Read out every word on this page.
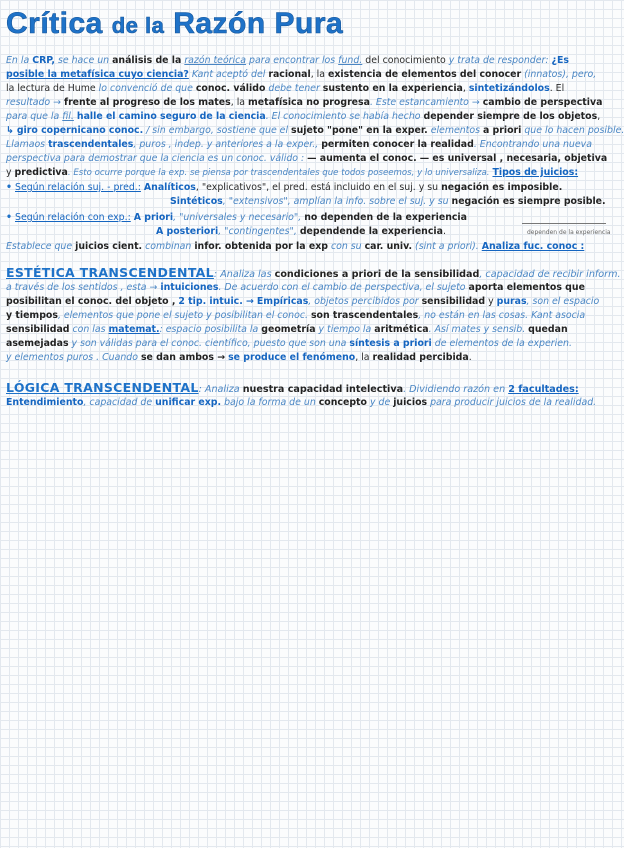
Crítica de la Razón Pura
En la CRP, se hace un análisis de la razón teórica para encontrar los fund. del conocimiento y trata de responder: ¿Es
posible la metafísica cuyo ciencia? Kant aceptó del racional, la existencia de elementos del conocer (innatos), pero,
la lectura de Hume lo convenció de que conoc. válido debe tener sustento en la experiencia, sintetizándolos. El
resultado → frente al progreso de los mates, la metafísica no progresa. Este estancamiento → cambio de perspectiva
para que la fil. halle el camino seguro de la ciencia. El conocimiento se había hecho depender siempre de los objetos,
↳ giro copernicano conoc. / sin embargo, sostiene que el sujeto "pone" en la exper. elementos a priori que lo hacen posible.
Llamaos trascendentales, puros , indep. y anteriores a la exper., permiten conocer la realidad. Encontrando una nueva
perspectiva para demostrar que la ciencia es un conoc. válido : — aumenta el conoc. — es universal , necesaria, objetiva
y predictiva. Esto ocurre porque la exp. se piensa por trascendentales que todos poseemos, y lo universaliza. Tipos de juicios:
• Según relación suj. - pred.: Analíticos, "explicativos", el pred. está incluido en el suj. y su negación es imposible.
Sintéticos, "extensivos", amplían la info. sobre el suj. y su negación es siempre posible.
• Según relación con exp.: A priori, "universales y necesario", no dependen de la experiencia
A posteriori, "contingentes", dependende la experiencia.	dependen de la experiencia
Establece que juicios cient. combinan infor. obtenida por la exp con su car. univ. (sint a priori). Analiza fuc. conoc :
ESTÉTICA TRANSCENDENTAL: Analiza las condiciones a priori de la sensibilidad, capacidad de recibir inform.
a través de los sentidos , esta → intuiciones. De acuerdo con el cambio de perspectiva, el sujeto aporta elementos que
posibilitan el conoc. del objeto , 2 tip. intuic. → Empíricas, objetos percibidos por sensibilidad y puras, son el espacio
y tiempos, elementos que pone el sujeto y posibilitan el conoc. son trascendentales, no están en las cosas. Kant asocia
sensibilidad con las matemat.: espacio posibilita la geometría y tiempo la aritmética. Así mates y sensib. quedan
asemejadas y son válidas para el conoc. científico, puesto que son una síntesis a priori de elementos de la experien.
y elementos puros . Cuando se dan ambos → se produce el fenómeno, la realidad percibida.
LÓGICA TRANSCENDENTAL: Analiza nuestra capacidad intelectiva. Dividiendo razón en 2 facultades:
Entendimiento, capacidad de unificar exp. bajo la forma de un concepto y de juicios para producir juicios de la realidad.
